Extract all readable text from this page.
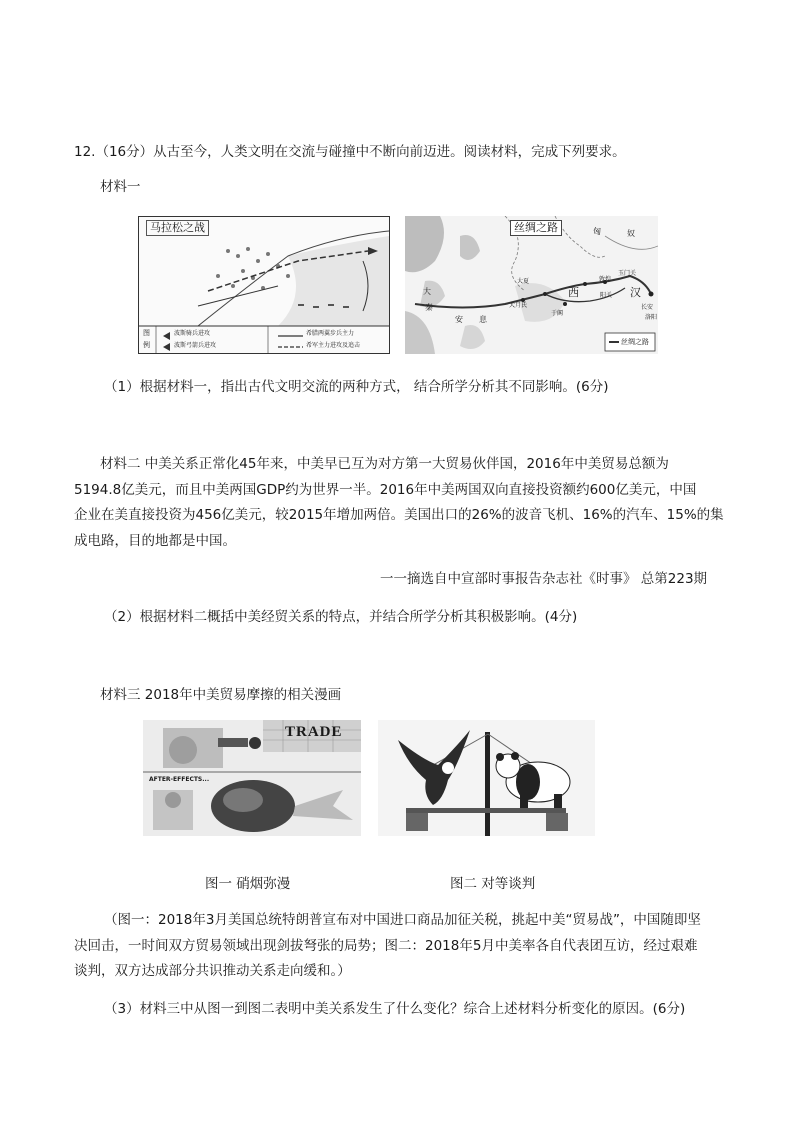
12.（16分）从古至今，人类文明在交流与碰撞中不断向前迈进。阅读材料，完成下列要求。
材料一
马拉松之战
图
例
波斯骑兵进攻
波斯弓箭兵进攻
希腊两翼步兵主力
希军主力进攻及追击
丝绸之路	匈	奴
大
秦
安 息
大夏
大月氏
西	汉
长安
玉门关
敦煌
阳关
于阗
洛阳
丝绸之路
（1）根据材料一，指出古代文明交流的两种方式， 结合所学分析其不同影响。(6分)
材料二 中美关系正常化45年来，中美早已互为对方第一大贸易伙伴国，2016年中美贸易总额为
5194.8亿美元，而且中美两国GDP约为世界一半。2016年中美两国双向直接投资额约600亿美元，中国
企业在美直接投资为456亿美元，较2015年增加两倍。美国出口的26%的波音飞机、16%的汽车、15%的集
成电路，目的地都是中国。
一一摘选自中宣部时事报告杂志社《时事》 总第223期
（2）根据材料二概括中美经贸关系的特点，并结合所学分析其积极影响。(4分)
材料三 2018年中美贸易摩擦的相关漫画
TRADE
AFTER-EFFECTS...
图一 硝烟弥漫	图二 对等谈判
（图一：2018年3月美国总统特朗普宣布对中国进口商品加征关税，挑起中美“贸易战”，中国随即坚
决回击，一时间双方贸易领域出现剑拔弩张的局势；图二：2018年5月中美率各自代表团互访，经过艰难
谈判，双方达成部分共识推动关系走向缓和。）
（3）材料三中从图一到图二表明中美关系发生了什么变化？综合上述材料分析变化的原因。(6分)
